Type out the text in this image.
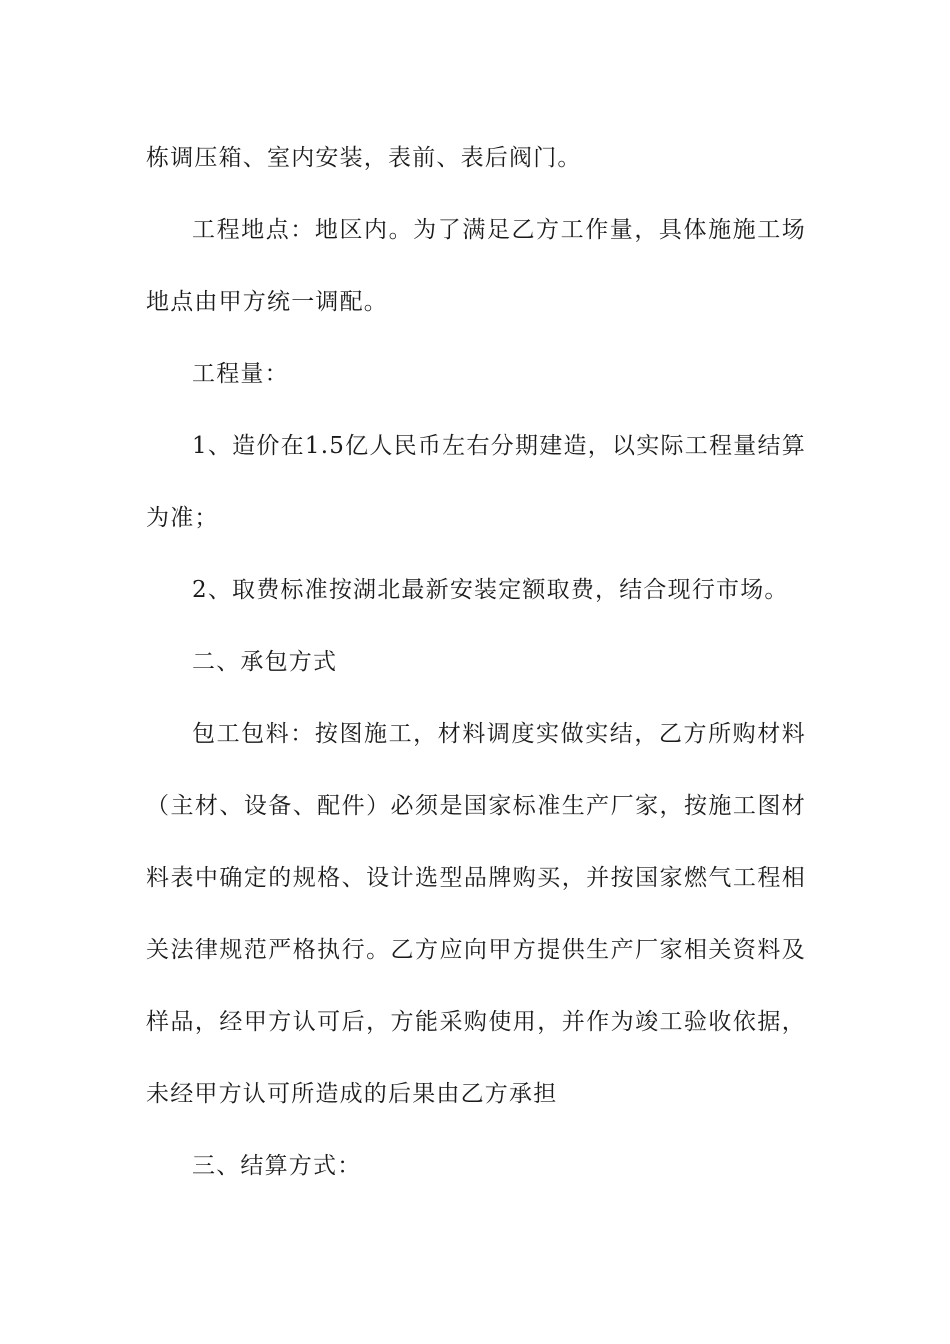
栋调压箱、室内安装，表前、表后阀门。

工程地点：地区内。为了满足乙方工作量，具体施施工场地点由甲方统一调配。

工程量：

1、造价在1.5亿人民币左右分期建造，以实际工程量结算为准；

2、取费标准按湖北最新安装定额取费，结合现行市场。

二、承包方式

包工包料：按图施工，材料调度实做实结，乙方所购材料（主材、设备、配件）必须是国家标准生产厂家，按施工图材料表中确定的规格、设计选型品牌购买，并按国家燃气工程相关法律规范严格执行。乙方应向甲方提供生产厂家相关资料及样品，经甲方认可后，方能采购使用，并作为竣工验收依据，未经甲方认可所造成的后果由乙方承担

三、结算方式：
